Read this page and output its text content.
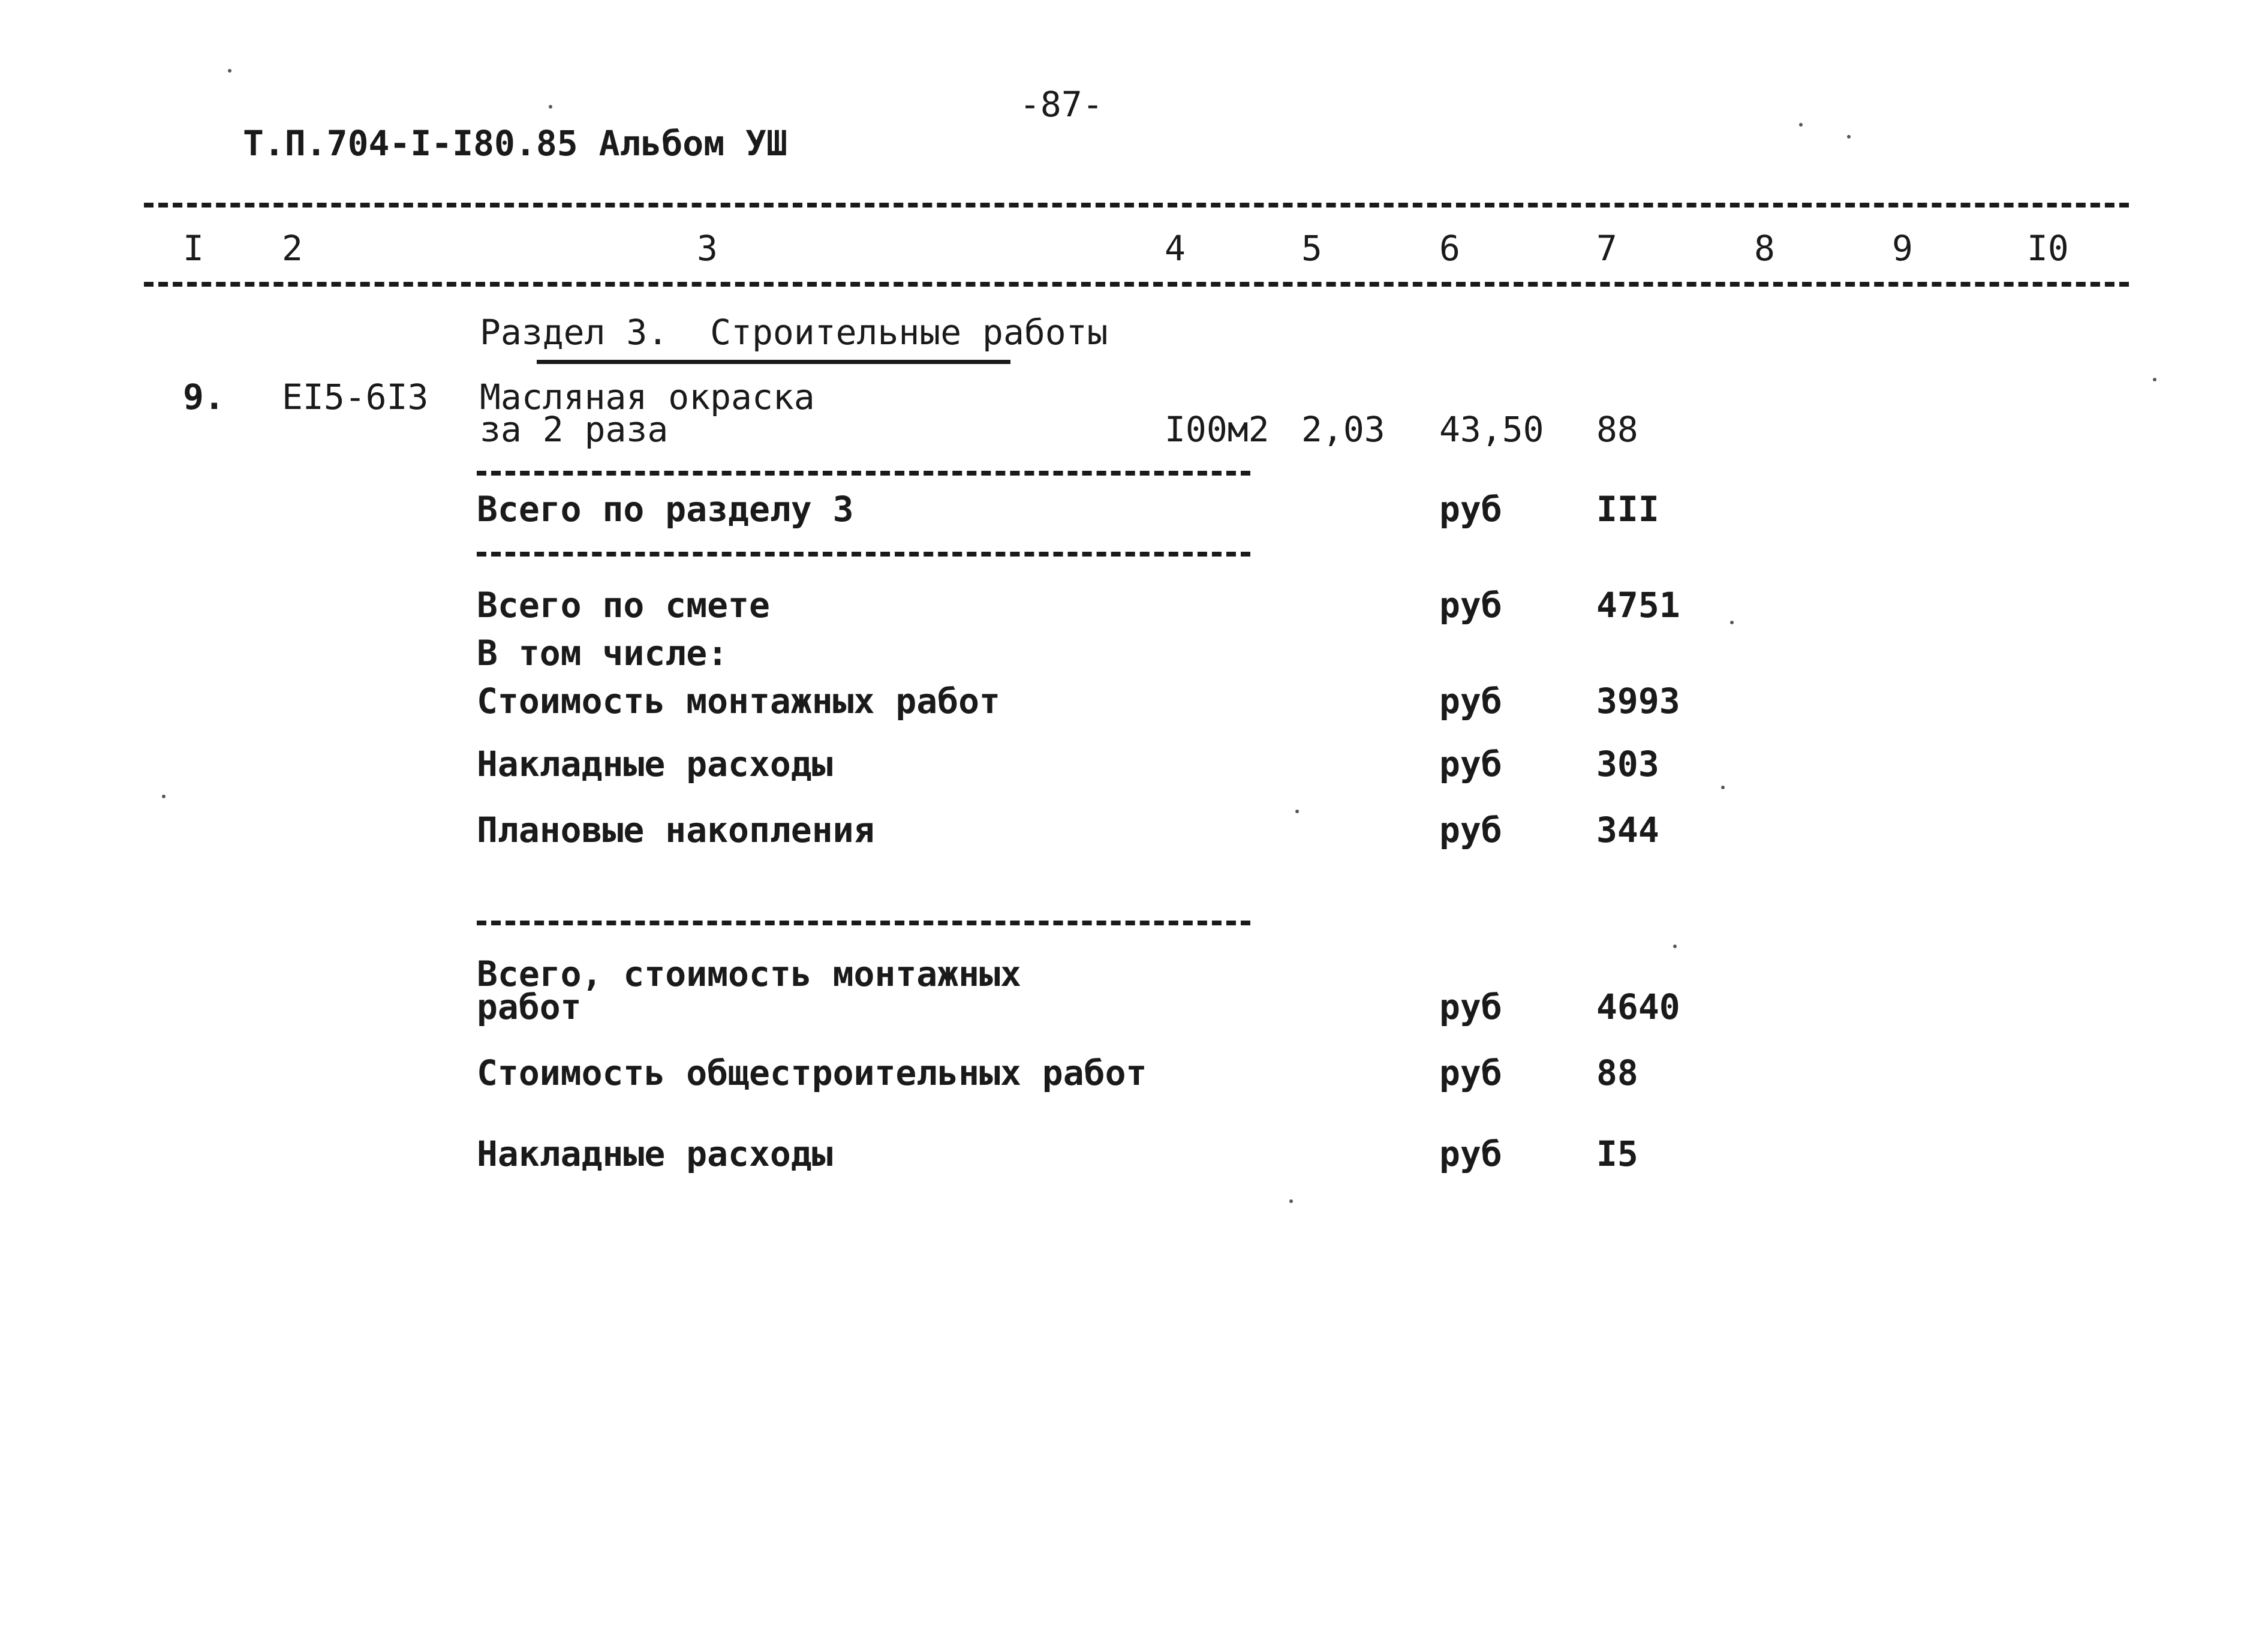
-87-
Т.П.704-I-I80.85 Альбом УШ
I 2	3	4	5	6	7	8	9	I0
Раздел 3.  Строительные работы
9. EI5-6I3 Масляная окраска
за 2 раза	I00м2 2,03 43,50 88
Всего по разделу 3	руб	III
Всего по смете	руб	4751
В том числе:
Стоимость монтажных работ	руб	3993
Накладные расходы	руб	303
Плановые накопления	руб	344
Всего, стоимость монтажных
работ	руб	4640
Стоимость общестроительных работ	руб	88
Накладные расходы	руб	I5
